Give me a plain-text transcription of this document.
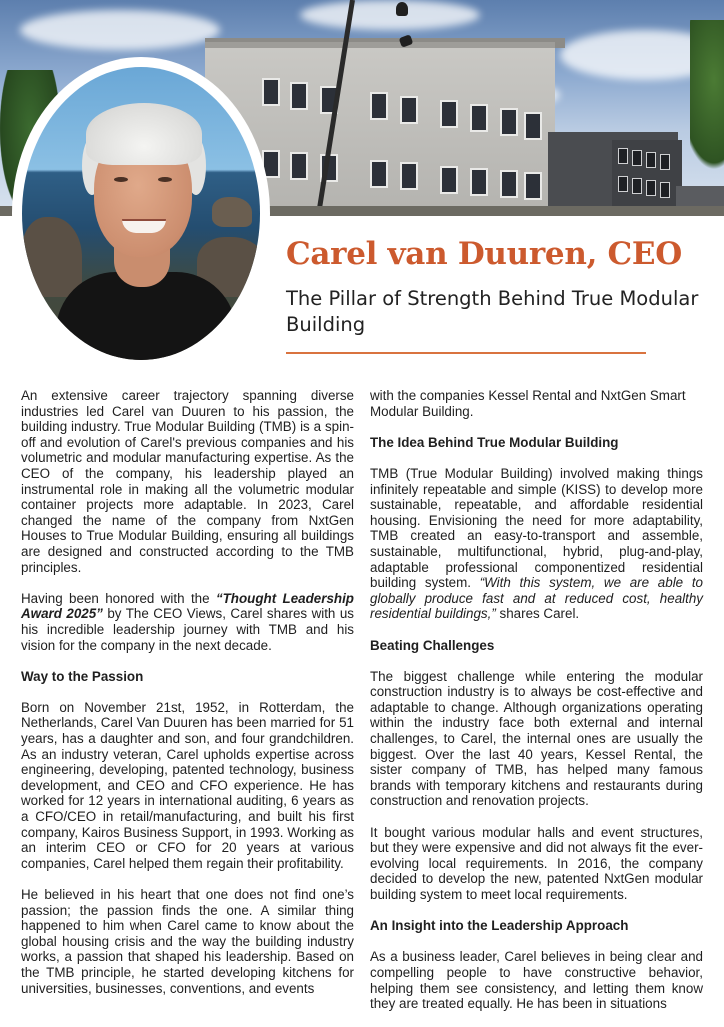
Carel van Duuren, CEO

The Pillar of Strength Behind True Modular Building

An extensive career trajectory spanning diverse industries led Carel van Duuren to his passion, the building industry. True Modular Building (TMB) is a spin-off and evolution of Carel's previous companies and his volumetric and modular manufacturing expertise. As the CEO of the company, his leadership played an instrumental role in making all the volumetric modular container projects more adaptable. In 2023, Carel changed the name of the company from NxtGen Houses to True Modular Building, ensuring all buildings are designed and constructed according to the TMB principles.

Having been honored with the “Thought Leadership Award 2025” by The CEO Views, Carel shares with us his incredible leadership journey with TMB and his vision for the company in the next decade.

Way to the Passion

Born on November 21st, 1952, in Rotterdam, the Netherlands, Carel Van Duuren has been married for 51 years, has a daughter and son, and four grandchildren. As an industry veteran, Carel upholds expertise across engineering, developing, patented technology, business development, and CEO and CFO experience. He has worked for 12 years in international auditing, 6 years as a CFO/CEO in retail/manufacturing, and built his first company, Kairos Business Support, in 1993. Working as an interim CEO or CFO for 20 years at various companies, Carel helped them regain their profitability.

He believed in his heart that one does not find one’s passion; the passion finds the one. A similar thing happened to him when Carel came to know about the global housing crisis and the way the building industry works, a passion that shaped his leadership. Based on the TMB principle, he started developing kitchens for universities, businesses, conventions, and events

with the companies Kessel Rental and NxtGen Smart Modular Building.

The Idea Behind True Modular Building

TMB (True Modular Building) involved making things infinitely repeatable and simple (KISS) to develop more sustainable, repeatable, and affordable residential housing. Envisioning the need for more adaptability, TMB created an easy-to-transport and assemble, sustainable, multifunctional, hybrid, plug-and-play, adaptable professional componentized residential building system. “With this system, we are able to globally produce fast and at reduced cost, healthy residential buildings,” shares Carel.

Beating Challenges

The biggest challenge while entering the modular construction industry is to always be cost-effective and adaptable to change. Although organizations operating within the industry face both external and internal challenges, to Carel, the internal ones are usually the biggest. Over the last 40 years, Kessel Rental, the sister company of TMB, has helped many famous brands with temporary kitchens and restaurants during construction and renovation projects.

It bought various modular halls and event structures, but they were expensive and did not always fit the ever-evolving local requirements. In 2016, the company decided to develop the new, patented NxtGen modular building system to meet local requirements.

An Insight into the Leadership Approach

As a business leader, Carel believes in being clear and compelling people to have constructive behavior, helping them see consistency, and letting them know they are treated equally. He has been in situations
